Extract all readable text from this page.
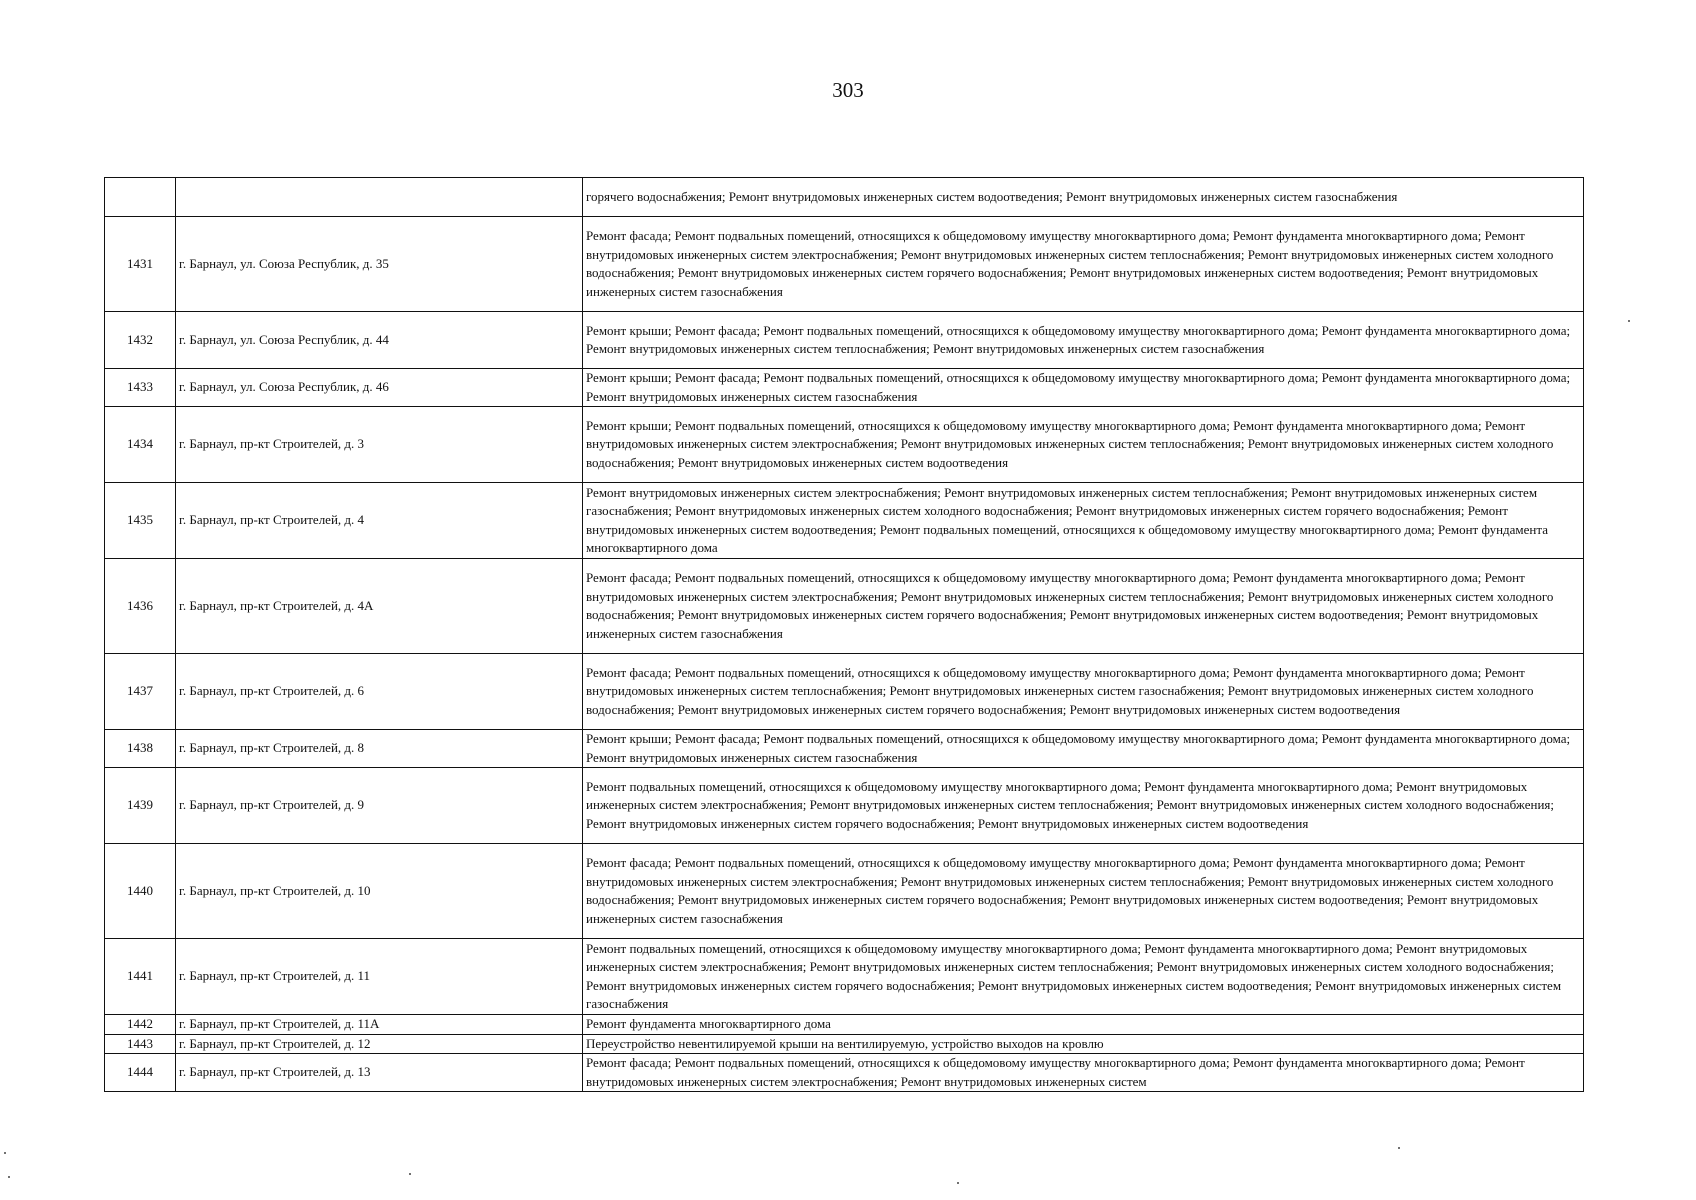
303
		горячего водоснабжения; Ремонт внутридомовых инженерных систем водоотведения; Ремонт внутридомовых инженерных систем газоснабжения
1431	г. Барнаул, ул. Союза Республик, д. 35	Ремонт фасада; Ремонт подвальных помещений, относящихся к общедомовому имуществу многоквартирного дома; Ремонт фундамента многоквартирного дома; Ремонт внутридомовых инженерных систем электроснабжения; Ремонт внутридомовых инженерных систем теплоснабжения; Ремонт внутридомовых инженерных систем холодного водоснабжения; Ремонт внутридомовых инженерных систем горячего водоснабжения; Ремонт внутридомовых инженерных систем водоотведения; Ремонт внутридомовых инженерных систем газоснабжения
1432	г. Барнаул, ул. Союза Республик, д. 44	Ремонт крыши; Ремонт фасада; Ремонт подвальных помещений, относящихся к общедомовому имуществу многоквартирного дома; Ремонт фундамента многоквартирного дома; Ремонт внутридомовых инженерных систем теплоснабжения; Ремонт внутридомовых инженерных систем газоснабжения
1433	г. Барнаул, ул. Союза Республик, д. 46	Ремонт крыши; Ремонт фасада; Ремонт подвальных помещений, относящихся к общедомовому имуществу многоквартирного дома; Ремонт фундамента многоквартирного дома; Ремонт внутридомовых инженерных систем газоснабжения
1434	г. Барнаул, пр-кт Строителей, д. 3	Ремонт крыши; Ремонт подвальных помещений, относящихся к общедомовому имуществу многоквартирного дома; Ремонт фундамента многоквартирного дома; Ремонт внутридомовых инженерных систем электроснабжения; Ремонт внутридомовых инженерных систем теплоснабжения; Ремонт внутридомовых инженерных систем холодного водоснабжения; Ремонт внутридомовых инженерных систем водоотведения
1435	г. Барнаул, пр-кт Строителей, д. 4	Ремонт внутридомовых инженерных систем электроснабжения; Ремонт внутридомовых инженерных систем теплоснабжения; Ремонт внутридомовых инженерных систем газоснабжения; Ремонт внутридомовых инженерных систем холодного водоснабжения; Ремонт внутридомовых инженерных систем горячего водоснабжения; Ремонт внутридомовых инженерных систем водоотведения; Ремонт подвальных помещений, относящихся к общедомовому имуществу многоквартирного дома; Ремонт фундамента многоквартирного дома
1436	г. Барнаул, пр-кт Строителей, д. 4А	Ремонт фасада; Ремонт подвальных помещений, относящихся к общедомовому имуществу многоквартирного дома; Ремонт фундамента многоквартирного дома; Ремонт внутридомовых инженерных систем электроснабжения; Ремонт внутридомовых инженерных систем теплоснабжения; Ремонт внутридомовых инженерных систем холодного водоснабжения; Ремонт внутридомовых инженерных систем горячего водоснабжения; Ремонт внутридомовых инженерных систем водоотведения; Ремонт внутридомовых инженерных систем газоснабжения
1437	г. Барнаул, пр-кт Строителей, д. 6	Ремонт фасада; Ремонт подвальных помещений, относящихся к общедомовому имуществу многоквартирного дома; Ремонт фундамента многоквартирного дома; Ремонт внутридомовых инженерных систем теплоснабжения; Ремонт внутридомовых инженерных систем газоснабжения; Ремонт внутридомовых инженерных систем холодного водоснабжения; Ремонт внутридомовых инженерных систем горячего водоснабжения; Ремонт внутридомовых инженерных систем водоотведения
1438	г. Барнаул, пр-кт Строителей, д. 8	Ремонт крыши; Ремонт фасада; Ремонт подвальных помещений, относящихся к общедомовому имуществу многоквартирного дома; Ремонт фундамента многоквартирного дома; Ремонт внутридомовых инженерных систем газоснабжения
1439	г. Барнаул, пр-кт Строителей, д. 9	Ремонт подвальных помещений, относящихся к общедомовому имуществу многоквартирного дома; Ремонт фундамента многоквартирного дома; Ремонт внутридомовых инженерных систем электроснабжения; Ремонт внутридомовых инженерных систем теплоснабжения; Ремонт внутридомовых инженерных систем холодного водоснабжения; Ремонт внутридомовых инженерных систем горячего водоснабжения; Ремонт внутридомовых инженерных систем водоотведения
1440	г. Барнаул, пр-кт Строителей, д. 10	Ремонт фасада; Ремонт подвальных помещений, относящихся к общедомовому имуществу многоквартирного дома; Ремонт фундамента многоквартирного дома; Ремонт внутридомовых инженерных систем электроснабжения; Ремонт внутридомовых инженерных систем теплоснабжения; Ремонт внутридомовых инженерных систем холодного водоснабжения; Ремонт внутридомовых инженерных систем горячего водоснабжения; Ремонт внутридомовых инженерных систем водоотведения; Ремонт внутридомовых инженерных систем газоснабжения
1441	г. Барнаул, пр-кт Строителей, д. 11	Ремонт подвальных помещений, относящихся к общедомовому имуществу многоквартирного дома; Ремонт фундамента многоквартирного дома; Ремонт внутридомовых инженерных систем электроснабжения; Ремонт внутридомовых инженерных систем теплоснабжения; Ремонт внутридомовых инженерных систем холодного водоснабжения; Ремонт внутридомовых инженерных систем горячего водоснабжения; Ремонт внутридомовых инженерных систем водоотведения; Ремонт внутридомовых инженерных систем газоснабжения
1442	г. Барнаул, пр-кт Строителей, д. 11А	Ремонт фундамента многоквартирного дома
1443	г. Барнаул, пр-кт Строителей, д. 12	Переустройство невентилируемой крыши на вентилируемую, устройство выходов на кровлю
1444	г. Барнаул, пр-кт Строителей, д. 13	Ремонт фасада; Ремонт подвальных помещений, относящихся к общедомовому имуществу многоквартирного дома; Ремонт фундамента многоквартирного дома; Ремонт внутридомовых инженерных систем электроснабжения; Ремонт внутридомовых инженерных систем
